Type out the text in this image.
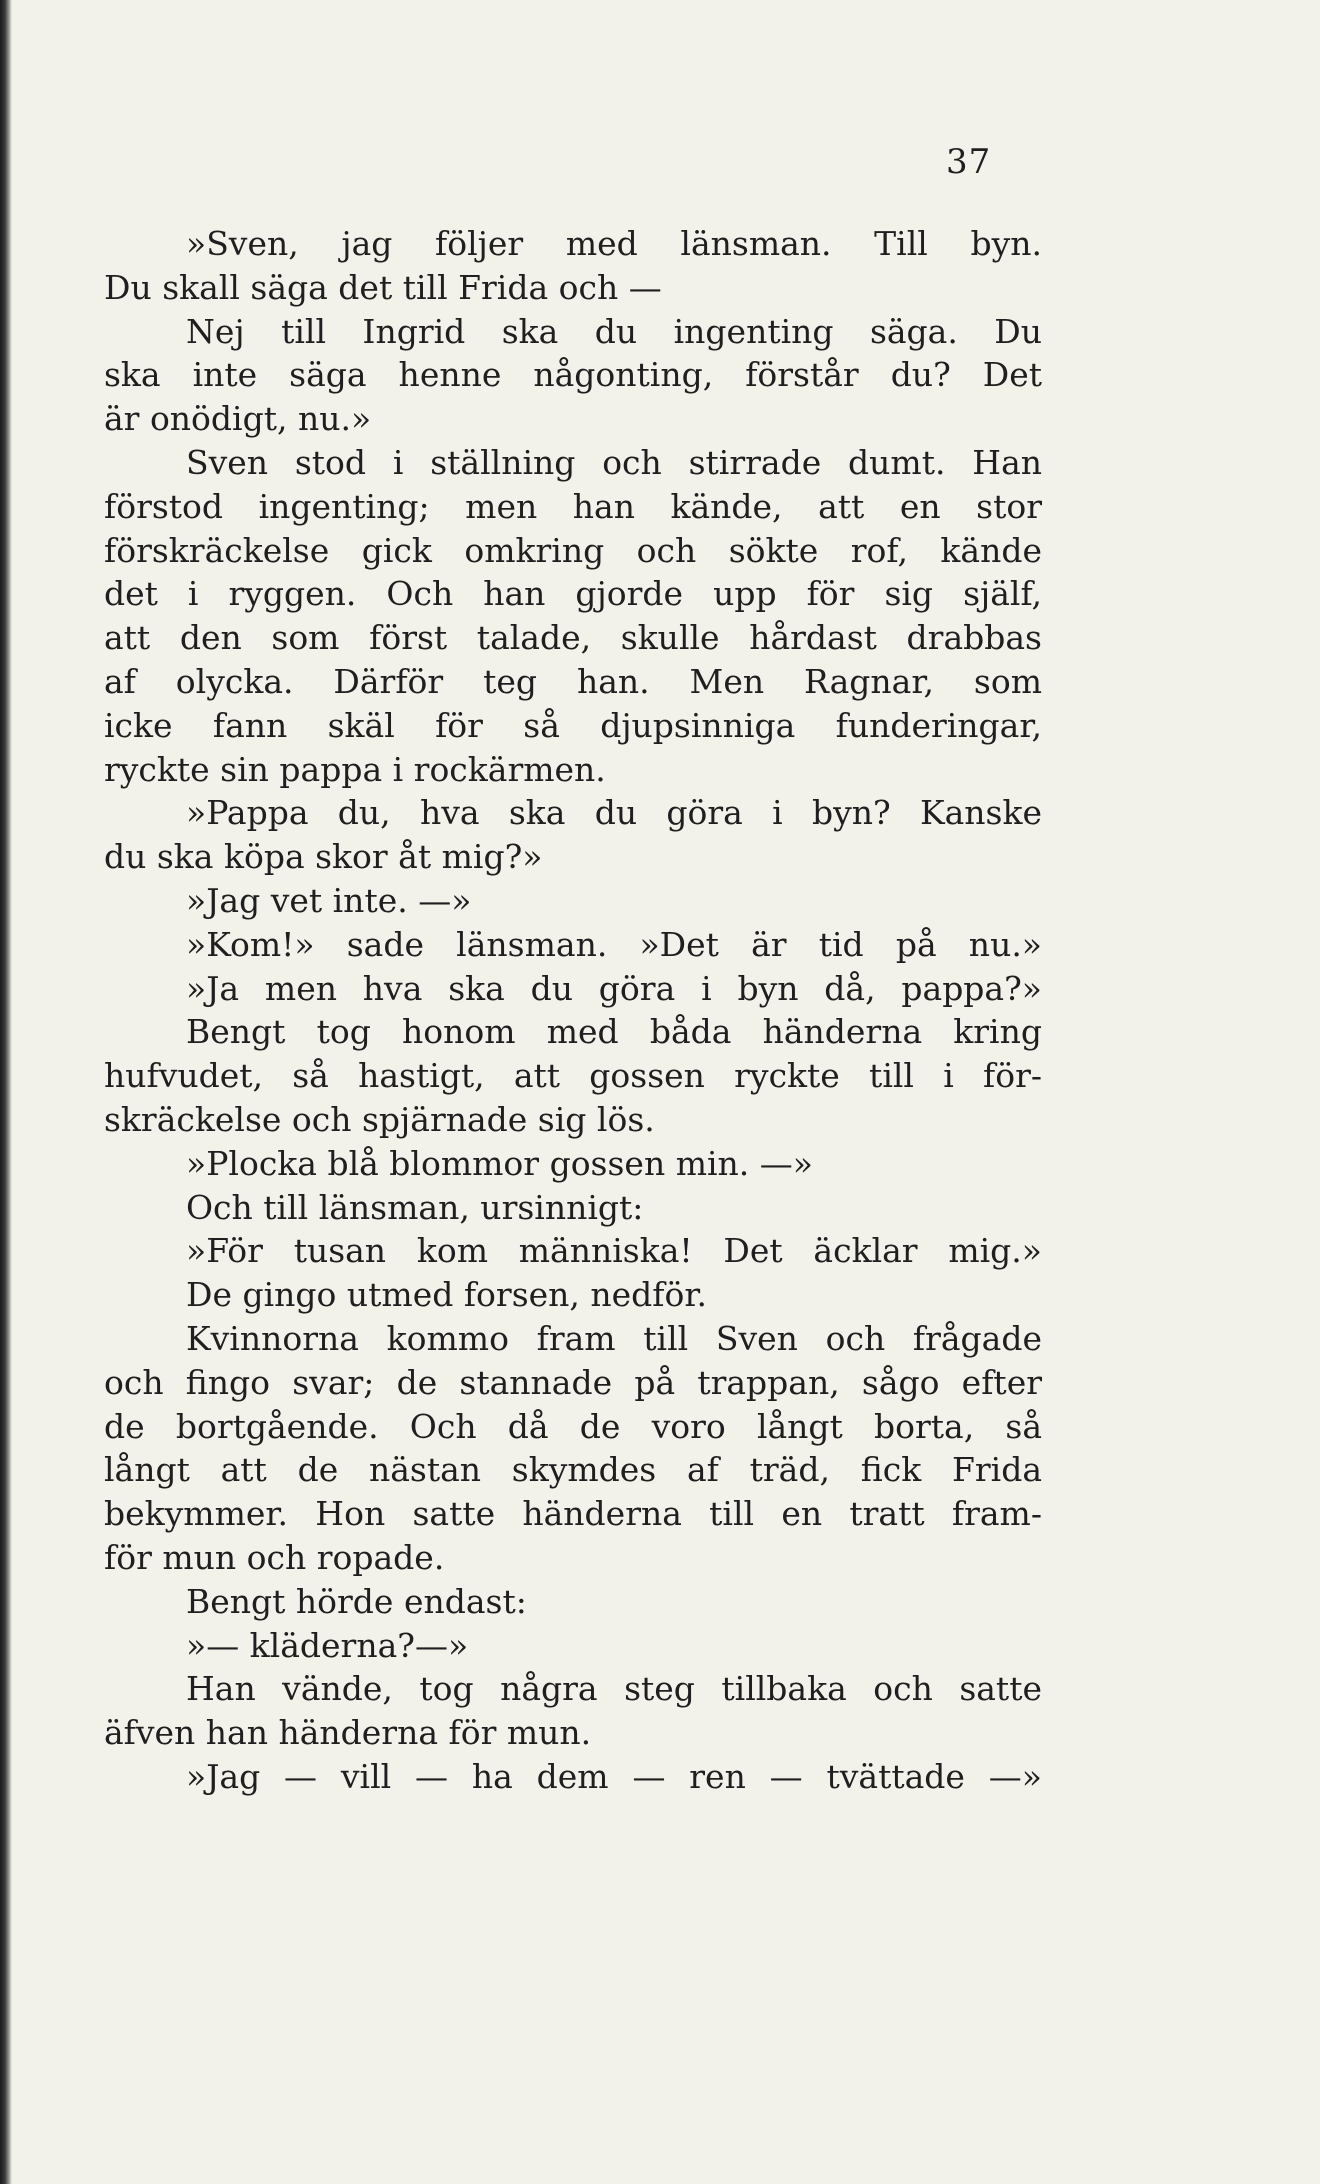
37
»Sven, jag följer med länsman. Till byn.
Du skall säga det till Frida och —
Nej till Ingrid ska du ingenting säga. Du
ska inte säga henne någonting, förstår du? Det
är onödigt, nu.»
Sven stod i ställning och stirrade dumt. Han
förstod ingenting; men han kände, att en stor
förskräckelse gick omkring och sökte rof, kände
det i ryggen. Och han gjorde upp för sig själf,
att den som först talade, skulle hårdast drabbas
af olycka. Därför teg han. Men Ragnar, som
icke fann skäl för så djupsinniga funderingar,
ryckte sin pappa i rockärmen.
»Pappa du, hva ska du göra i byn? Kanske
du ska köpa skor åt mig?»
»Jag vet inte. —»
»Kom!» sade länsman. »Det är tid på nu.»
»Ja men hva ska du göra i byn då, pappa?»
Bengt tog honom med båda händerna kring
hufvudet, så hastigt, att gossen ryckte till i för-
skräckelse och spjärnade sig lös.
»Plocka blå blommor gossen min. —»
Och till länsman, ursinnigt:
»För tusan kom människa! Det äcklar mig.»
De gingo utmed forsen, nedför.
Kvinnorna kommo fram till Sven och frågade
och fingo svar; de stannade på trappan, sågo efter
de bortgående. Och då de voro långt borta, så
långt att de nästan skymdes af träd, fick Frida
bekymmer. Hon satte händerna till en tratt fram-
för mun och ropade.
Bengt hörde endast:
»— kläderna?—»
Han vände, tog några steg tillbaka och satte
äfven han händerna för mun.
»Jag — vill — ha dem — ren — tvättade —»
